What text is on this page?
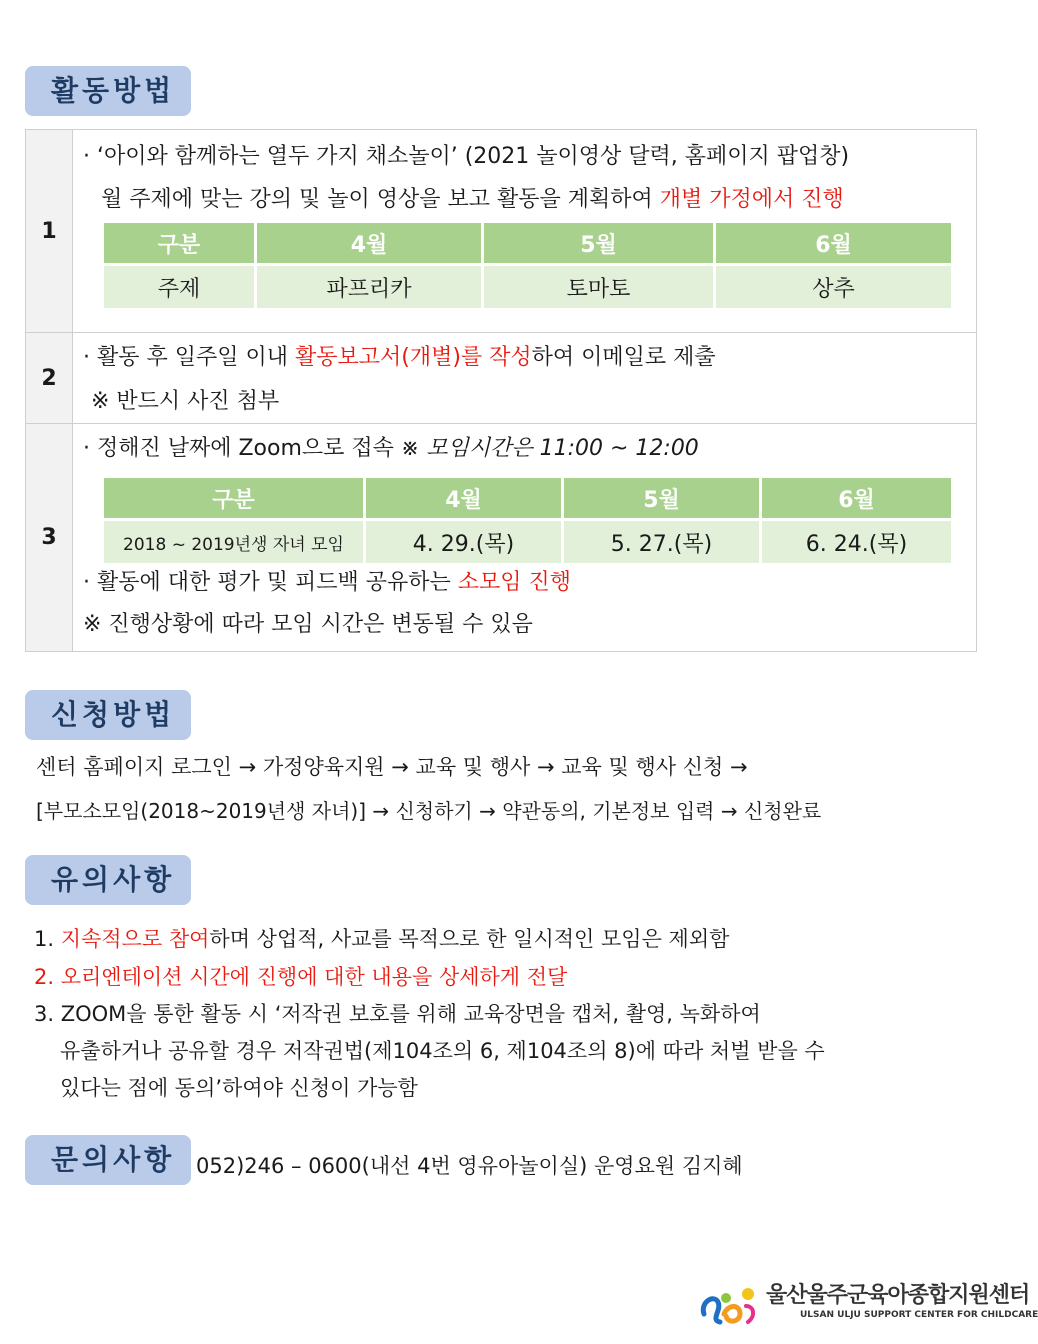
활동방법
1	
· ‘아이와 함께하는 열두 가지 채소놀이’ (2021 놀이영상 달력, 홈페이지 팝업창)
월 주제에 맞는 강의 및 놀이 영상을 보고 활동을 계획하여 개별 가정에서 진행
구분	4월	5월	6월
주제	파프리카	토마토	상추

2	
· 활동 후 일주일 이내 활동보고서(개별)를 작성하여 이메일로 제출
※ 반드시 사진 첨부

3	
· 정해진 날짜에 Zoom으로 접속 ※ 모임시간은 11:00 ~ 12:00
구분	4월	5월	6월
2018 ~ 2019년생 자녀 모임	4. 29.(목)	5. 27.(목)	6. 24.(목)
· 활동에 대한 평가 및 피드백 공유하는 소모임 진행
※ 진행상황에 따라 모임 시간은 변동될 수 있음
신청방법
센터 홈페이지 로그인 → 가정양육지원 → 교육 및 행사 → 교육 및 행사 신청 →
[부모소모임(2018~2019년생 자녀)] → 신청하기 → 약관동의, 기본정보 입력 → 신청완료
유의사항
1. 지속적으로 참여하며 상업적, 사교를 목적으로 한 일시적인 모임은 제외함
2. 오리엔테이션 시간에 진행에 대한 내용을 상세하게 전달
3. ZOOM을 통한 활동 시 ‘저작권 보호를 위해 교육장면을 캡처, 촬영, 녹화하여
유출하거나 공유할 경우 저작권법(제104조의 6, 제104조의 8)에 따라 처벌 받을 수
있다는 점에 동의’하여야 신청이 가능함
문의사항 052)246 – 0600(내선 4번 영유아놀이실) 운영요원 김지혜
울산울주군육아종합지원센터
ULSAN ULJU SUPPORT CENTER FOR CHILDCARE
